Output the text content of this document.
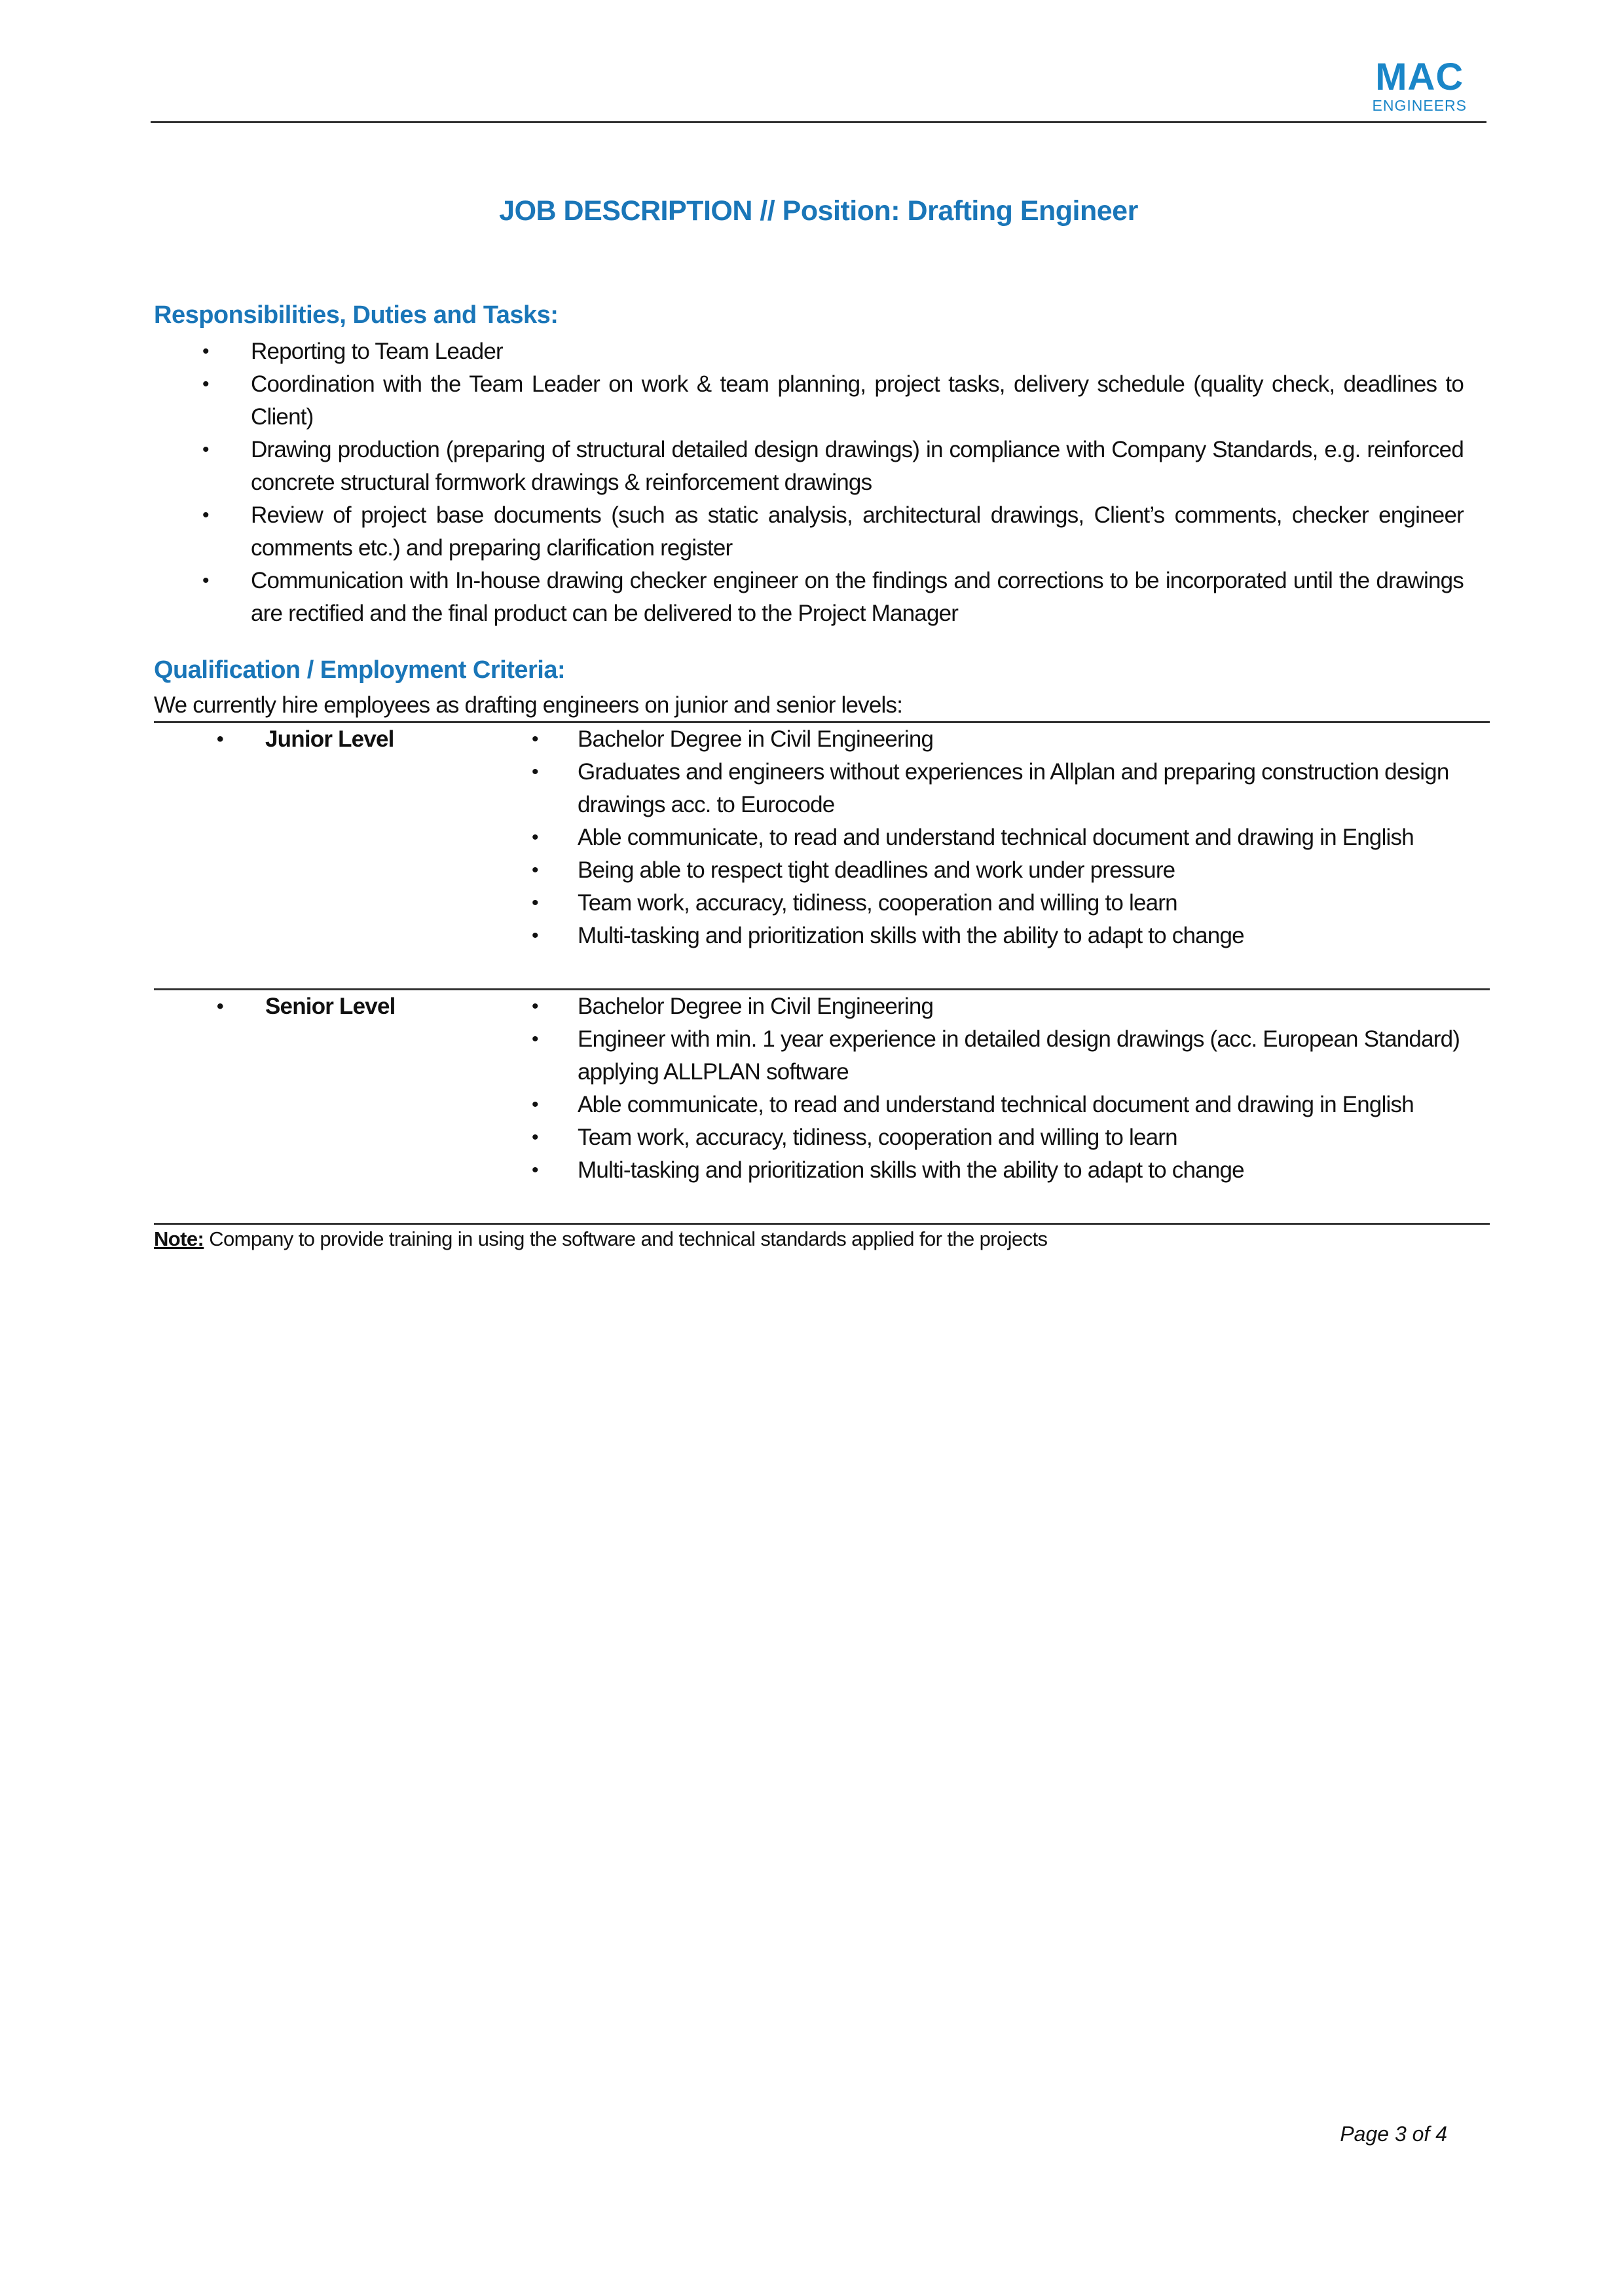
MAC
ENGINEERS
JOB DESCRIPTION // Position: Drafting Engineer
Responsibilities, Duties and Tasks:
• Reporting to Team Leader
• Coordination with the Team Leader on work & team planning, project tasks, delivery schedule (quality check, deadlines to Client)
• Drawing production (preparing of structural detailed design drawings) in compliance with Company Standards, e.g. reinforced concrete structural formwork drawings & reinforcement drawings
• Review of project base documents (such as static analysis, architectural drawings, Client’s comments, checker engineer comments etc.) and preparing clarification register
• Communication with In-house drawing checker engineer on the findings and corrections to be incorporated until the drawings are rectified and the final product can be delivered to the Project Manager
Qualification / Employment Criteria:
We currently hire employees as drafting engineers on junior and senior levels:
• Junior Level	• Bachelor Degree in Civil Engineering
• Graduates and engineers without experiences in Allplan and preparing construction design drawings acc. to Eurocode
• Able communicate, to read and understand technical document and drawing in English
• Being able to respect tight deadlines and work under pressure
• Team work, accuracy, tidiness, cooperation and willing to learn
• Multi-tasking and prioritization skills with the ability to adapt to change
• Senior Level	• Bachelor Degree in Civil Engineering
• Engineer with min. 1 year experience in detailed design drawings (acc. European Standard) applying ALLPLAN software
• Able communicate, to read and understand technical document and drawing in English
• Team work, accuracy, tidiness, cooperation and willing to learn
• Multi-tasking and prioritization skills with the ability to adapt to change
Note: Company to provide training in using the software and technical standards applied for the projects
Page 3 of 4
